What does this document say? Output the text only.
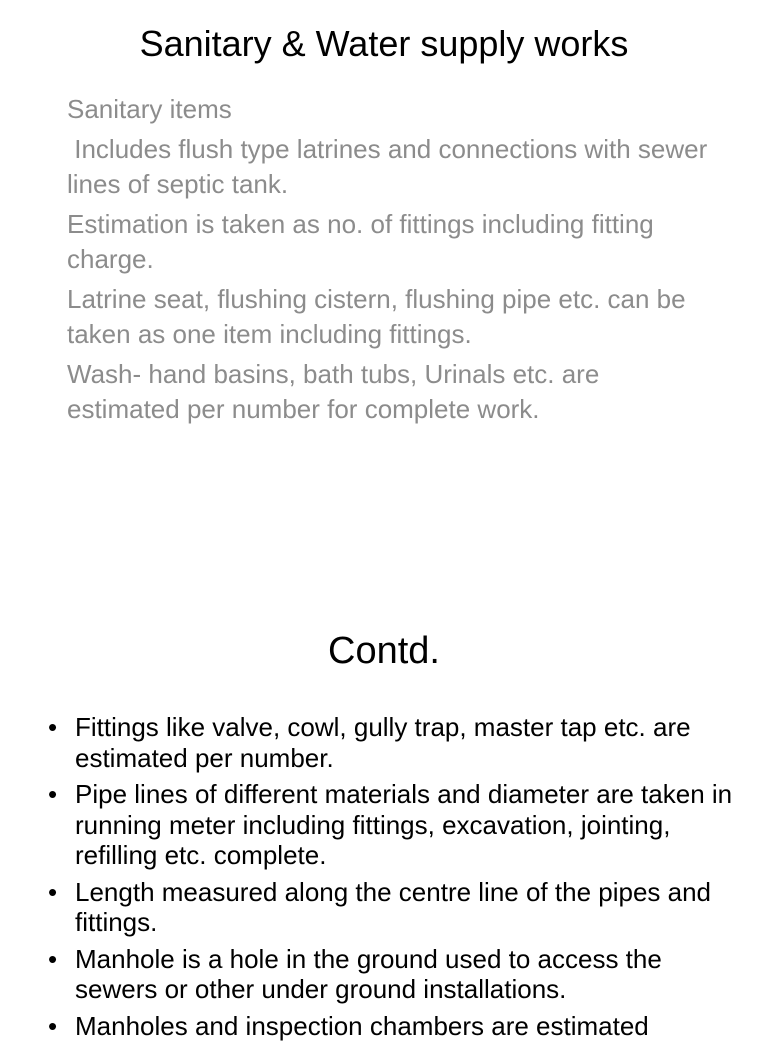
Sanitary & Water supply works
Sanitary items
Includes flush type latrines and connections with sewer lines of septic tank.
Estimation is taken as no. of fittings including fitting charge.
Latrine seat, flushing cistern, flushing pipe etc. can be taken as one item including fittings.
Wash- hand basins, bath tubs, Urinals etc. are estimated per number for complete work.
Contd.
• Fittings like valve, cowl, gully trap, master tap etc. are estimated per number.
• Pipe lines of different materials and diameter are taken in running meter including fittings, excavation, jointing, refilling etc. complete.
• Length measured along the centre line of the pipes and fittings.
• Manhole is a hole in the ground used to access the sewers or other under ground installations.
• Manholes and inspection chambers are estimated
